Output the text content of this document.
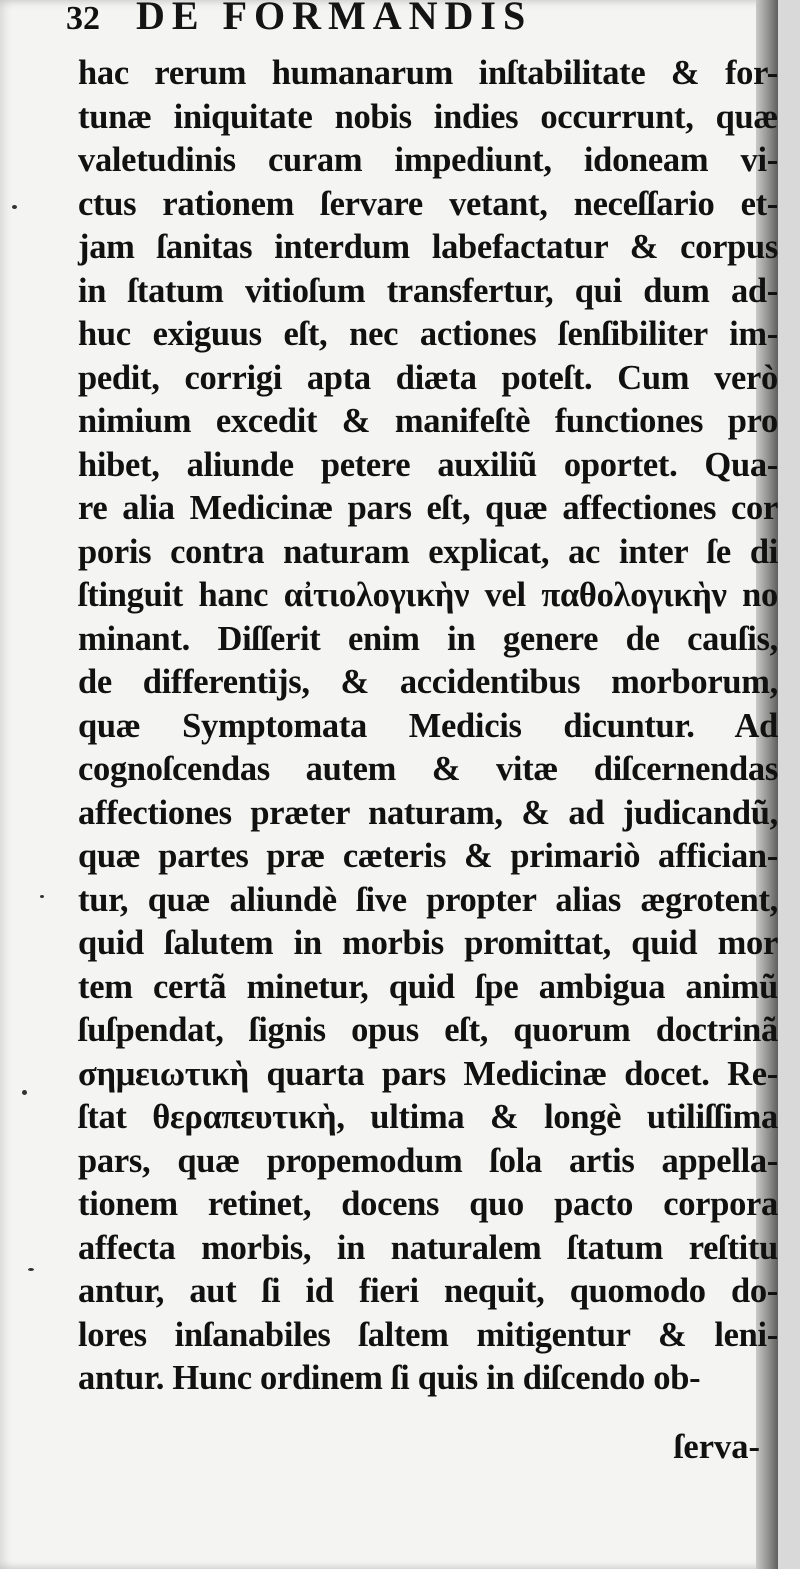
32 DE FORMANDIS
hac rerum humanarum inſtabilitate & for-
tunæ iniquitate nobis indies occurrunt, quæ
valetudinis curam impediunt, idoneam vi-
ctus rationem ſervare vetant, neceſſario et-
jam ſanitas interdum labefactatur & corpus
in ſtatum vitioſum transfertur, qui dum ad-
huc exiguus eſt, nec actiones ſenſibiliter im-
pedit, corrigi apta diæta poteſt. Cum verò
nimium excedit & manifeſtè functiones pro
hibet, aliunde petere auxiliũ oportet. Qua-
re alia Medicinæ pars eſt, quæ affectiones cor
poris contra naturam explicat, ac inter ſe di
ſtinguit hanc αἰτιολογικὴν vel παθολογικὴν no
minant. Diſſerit enim in genere de cauſis,
de differentijs, & accidentibus morborum,
quæ Symptomata Medicis dicuntur. Ad
cognoſcendas autem & vitæ diſcernendas
affectiones præter naturam, & ad judicandũ,
quæ partes præ cæteris & primariò affician-
tur, quæ aliundè ſive propter alias ægrotent,
quid ſalutem in morbis promittat, quid mor
tem certã minetur, quid ſpe ambigua animũ
ſuſpendat, ſignis opus eſt, quorum doctrinã
σημειωτικὴ quarta pars Medicinæ docet. Re-
ſtat θεραπευτικὴ, ultima & longè utiliſſima
pars, quæ propemodum ſola artis appella-
tionem retinet, docens quo pacto corpora
affecta morbis, in naturalem ſtatum reſtitu
antur, aut ſi id fieri nequit, quomodo do-
lores inſanabiles ſaltem mitigentur & leni-
antur. Hunc ordinem ſi quis in diſcendo ob-
ſerva-
